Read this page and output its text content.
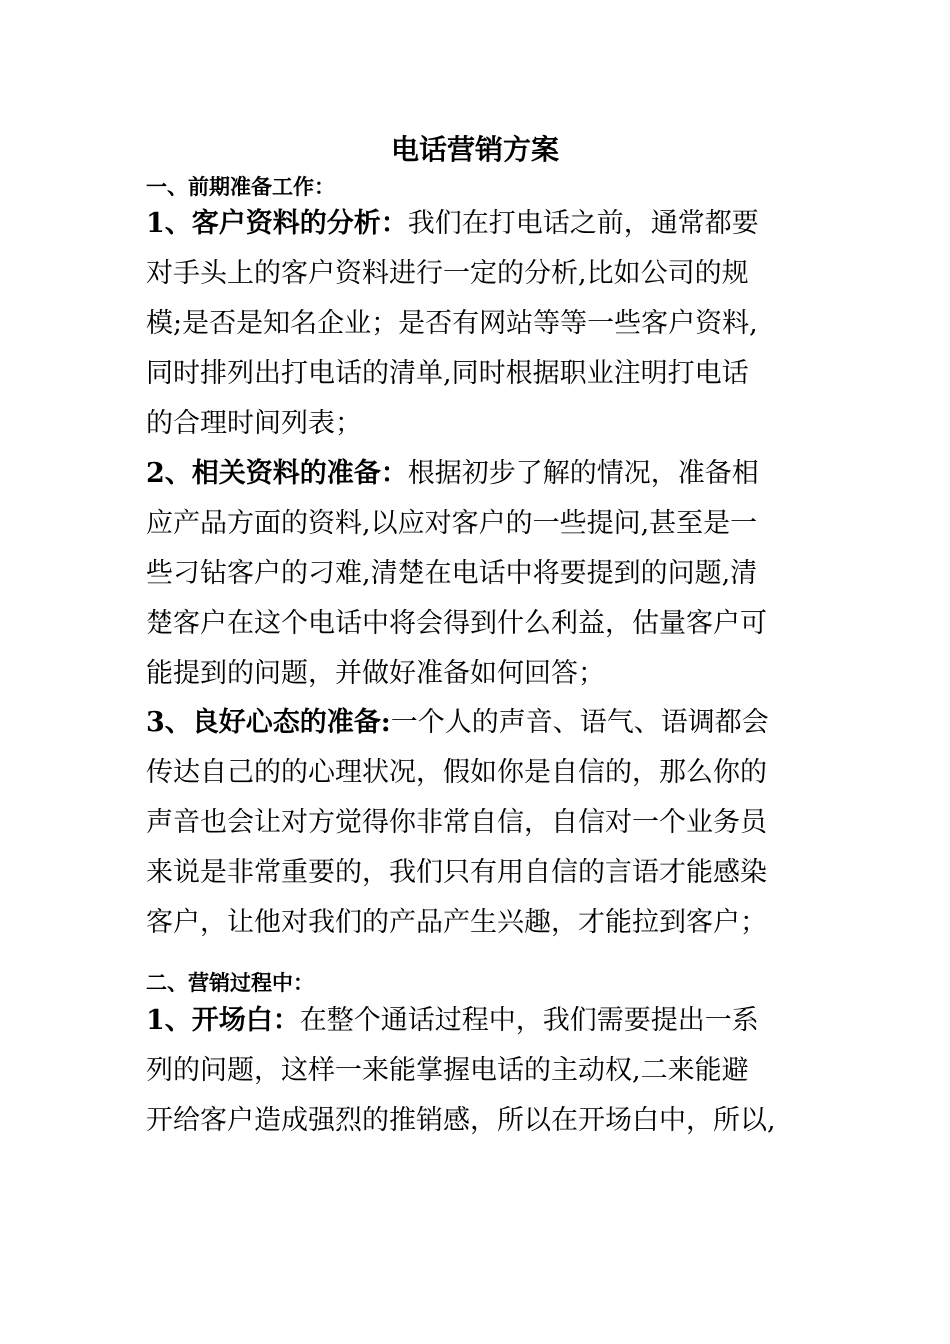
电话营销方案
一、前期准备工作：
1、客户资料的分析：我们在打电话之前，通常都要
对手头上的客户资料进行一定的分析,比如公司的规
模;是否是知名企业；是否有网站等等一些客户资料,
同时排列出打电话的清单,同时根据职业注明打电话
的合理时间列表；
2、相关资料的准备：根据初步了解的情况，准备相
应产品方面的资料,以应对客户的一些提问,甚至是一
些刁钻客户的刁难,清楚在电话中将要提到的问题,清
楚客户在这个电话中将会得到什么利益，估量客户可
能提到的问题，并做好准备如何回答；
3、良好心态的准备:一个人的声音、语气、语调都会
传达自己的的心理状况，假如你是自信的，那么你的
声音也会让对方觉得你非常自信，自信对一个业务员
来说是非常重要的，我们只有用自信的言语才能感染
客户，让他对我们的产品产生兴趣，才能拉到客户；
二、营销过程中：
1、开场白：在整个通话过程中，我们需要提出一系
列的问题，这样一来能掌握电话的主动权,二来能避
开给客户造成强烈的推销感，所以在开场白中，所以,
